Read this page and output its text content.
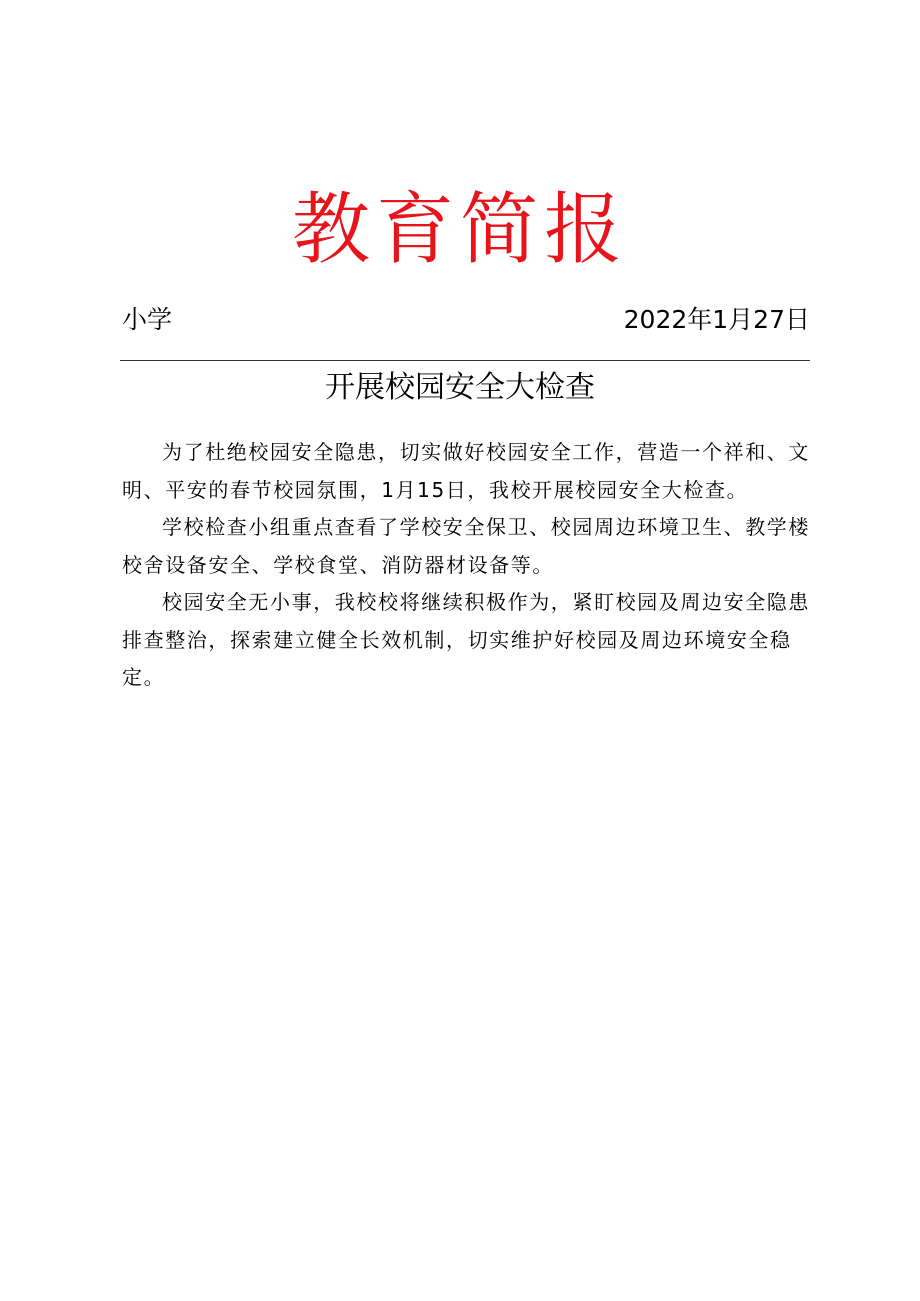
教育简报
小学	2022年1月27日
开展校园安全大检查

为了杜绝校园安全隐患，切实做好校园安全工作，营造一个祥和、文明、平安的春节校园氛围，1月15日，我校开展校园安全大检查。

学校检查小组重点查看了学校安全保卫、校园周边环境卫生、教学楼校舍设备安全、学校食堂、消防器材设备等。

校园安全无小事，我校校将继续积极作为，紧盯校园及周边安全隐患排查整治，探索建立健全长效机制，切实维护好校园及周边环境安全稳定。
